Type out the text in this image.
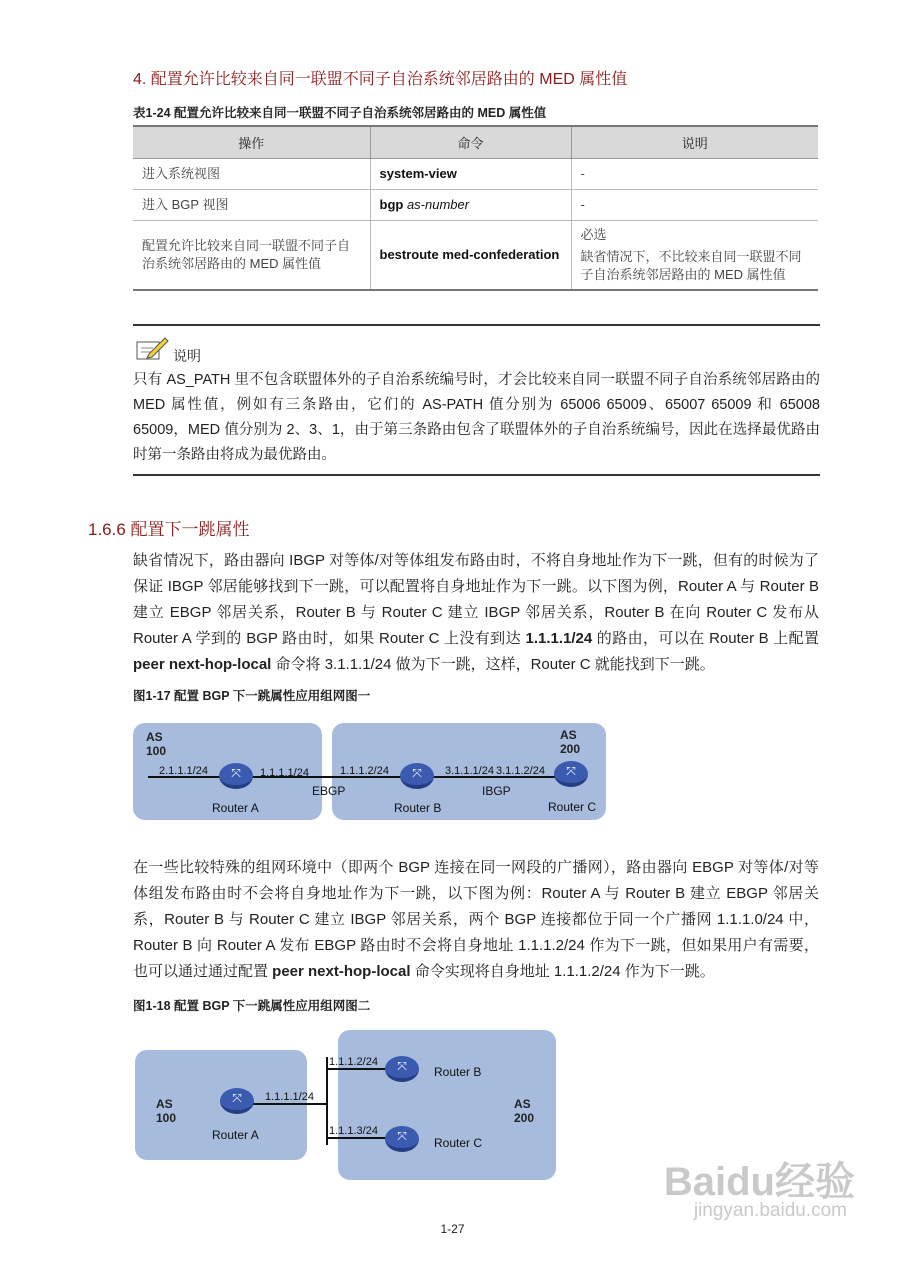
4. 配置允许比较来自同一联盟不同子自治系统邻居路由的 MED 属性值
表1-24 配置允许比较来自同一联盟不同子自治系统邻居路由的 MED 属性值
操作	命令	说明
进入系统视图	system-view	-
进入 BGP 视图	bgp as-number	-
配置允许比较来自同一联盟不同子自治系统邻居路由的 MED 属性值	bestroute med-confederation	必选
缺省情况下，不比较来自同一联盟不同子自治系统邻居路由的 MED 属性值
说明
只有 AS_PATH 里不包含联盟体外的子自治系统编号时，才会比较来自同一联盟不同子自治系统邻居路由的 MED 属性值，例如有三条路由，它们的 AS-PATH 值分别为 65006 65009、65007 65009 和 65008 65009，MED 值分别为 2、3、1，由于第三条路由包含了联盟体外的子自治系统编号，因此在选择最优路由时第一条路由将成为最优路由。
1.6.6 配置下一跳属性
缺省情况下，路由器向 IBGP 对等体/对等体组发布路由时，不将自身地址作为下一跳，但有的时候为了保证 IBGP 邻居能够找到下一跳，可以配置将自身地址作为下一跳。以下图为例，Router A 与 Router B 建立 EBGP 邻居关系，Router B 与 Router C 建立 IBGP 邻居关系，Router B 在向 Router C 发布从 Router A 学到的 BGP 路由时，如果 Router C 上没有到达 1.1.1.1/24 的路由，可以在 Router B 上配置 peer next-hop-local 命令将 3.1.1.1/24 做为下一跳，这样，Router C 就能找到下一跳。
图1-17 配置 BGP 下一跳属性应用组网图一
AS 100
AS 200
⤧	⤧	⤧
2.1.1.1/24	1.1.1.1/24	1.1.1.2/24	3.1.1.1/24 3.1.1.2/24
EBGP	IBGP
Router A	Router B	Router C
在一些比较特殊的组网环境中（即两个 BGP 连接在同一网段的广播网），路由器向 EBGP 对等体/对等体组发布路由时不会将自身地址作为下一跳，以下图为例：Router A 与 Router B 建立 EBGP 邻居关系，Router B 与 Router C 建立 IBGP 邻居关系，两个 BGP 连接都位于同一个广播网 1.1.1.0/24 中，Router B 向 Router A 发布 EBGP 路由时不会将自身地址 1.1.1.2/24 作为下一跳，但如果用户有需要，也可以通过通过配置 peer next-hop-local 命令实现将自身地址 1.1.1.2/24 作为下一跳。
图1-18 配置 BGP 下一跳属性应用组网图二
AS 100
AS 200
⤧
⤧
⤧
1.1.1.1/24
1.1.1.2/24
1.1.1.3/24
Router A
Router B
Router C
Baidu经验
jingyan.baidu.com
1-27
